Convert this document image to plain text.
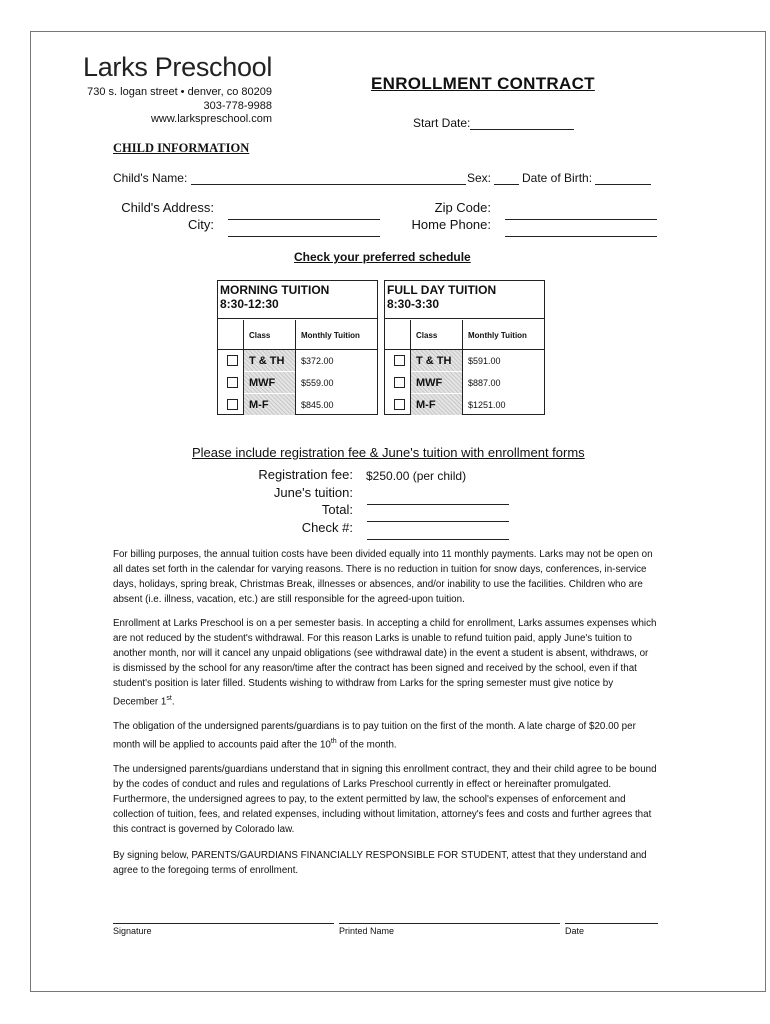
Larks Preschool
730 s. logan street • denver, co 80209
303-778-9988
www.larkspreschool.com
ENROLLMENT CONTRACT
Start Date:
CHILD INFORMATION
Child's Name:	Sex:	Date of Birth:
Child's Address:
City:
Zip Code:
Home Phone:
Check your preferred schedule
MORNING TUITION
8:30-12:30
Class	Monthly Tuition
T & TH	$372.00
MWF	$559.00
M-F	$845.00
FULL DAY TUITION
8:30-3:30
Class	Monthly Tuition
T & TH	$591.00
MWF	$887.00
M-F	$1251.00
Please include registration fee & June's tuition with enrollment forms
Registration fee: $250.00 (per child)
June's tuition:
Total:
Check #:

For billing purposes, the annual tuition costs have been divided equally into 11 monthly payments. Larks may not be open on all dates set forth in the calendar for varying reasons. There is no reduction in tuition for snow days, conferences, in-service days, holidays, spring break, Christmas Break, illnesses or absences, and/or inability to use the facilities. Children who are absent (i.e. illness, vacation, etc.) are still responsible for the agreed-upon tuition.

Enrollment at Larks Preschool is on a per semester basis. In accepting a child for enrollment, Larks assumes expenses which are not reduced by the student's withdrawal. For this reason Larks is unable to refund tuition paid, apply June's tuition to another month, nor will it cancel any unpaid obligations (see withdrawal date) in the event a student is absent, withdraws, or is dismissed by the school for any reason/time after the contract has been signed and received by the school, even if that student's position is later filled. Students wishing to withdraw from Larks for the spring semester must give notice by December 1st.

The obligation of the undersigned parents/guardians is to pay tuition on the first of the month. A late charge of $20.00 per month will be applied to accounts paid after the 10th of the month.

The undersigned parents/guardians understand that in signing this enrollment contract, they and their child agree to be bound by the codes of conduct and rules and regulations of Larks Preschool currently in effect or hereinafter promulgated. Furthermore, the undersigned agrees to pay, to the extent permitted by law, the school's expenses of enforcement and collection of tuition, fees, and related expenses, including without limitation, attorney's fees and costs and further agrees that this contract is governed by Colorado law.

By signing below, PARENTS/GAURDIANS FINANCIALLY RESPONSIBLE FOR STUDENT, attest that they understand and agree to the foregoing terms of enrollment.

Signature	Printed Name	Date
